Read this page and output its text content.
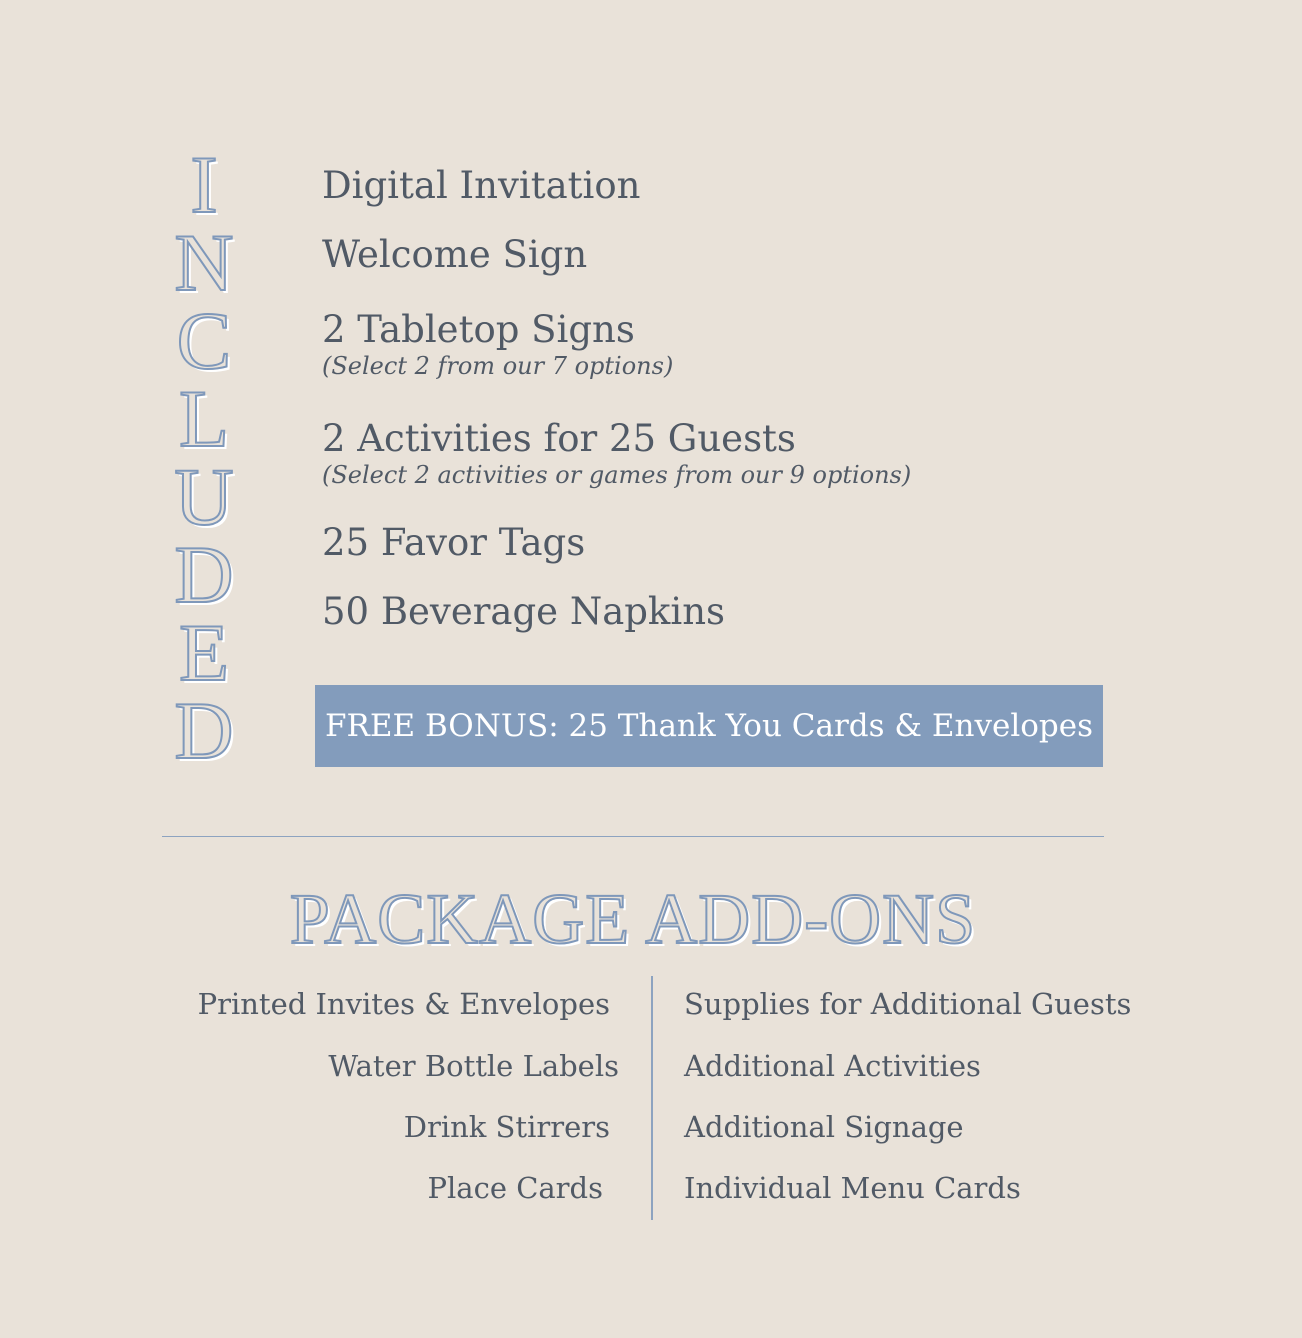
I
N
C
L
U
D
E
D
Digital Invitation
Welcome Sign
2 Tabletop Signs
(Select 2 from our 7 options)
2 Activities for 25 Guests
(Select 2 activities or games from our 9 options)
25 Favor Tags
50 Beverage Napkins
FREE BONUS: 25 Thank You Cards & Envelopes
PACKAGE ADD-ONS
Printed Invites & Envelopes
Water Bottle Labels
Drink Stirrers
Place Cards
Supplies for Additional Guests
Additional Activities
Additional Signage
Individual Menu Cards
